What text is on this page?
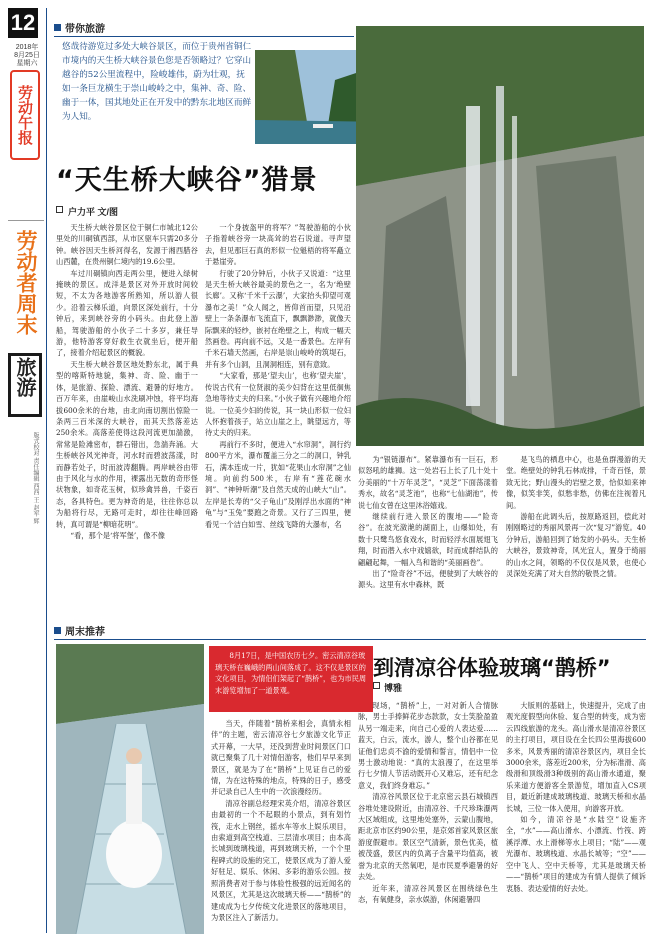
12
2018年
8月25日
星期六
劳动午报
劳动者周末
旅游
版式校对 责任编辑 西西 王 赵军 辉
带你旅游
悠哉待游览过多处大峡谷景区，而位于贵州省铜仁市境内的天生桥大峡谷景色您是否领略过？它穿山越谷的52公里流程中，险峻雄伟，蔚为壮观，抚如一条巨龙横生于崇山峻岭之中，集神、奇、险、幽于一体，国其地处正在开发中的黔东北地区而鲜为人知。
“天生桥大峡谷”猎景
户力平 文/图

天生桥大峡谷景区位于铜仁市城北12公里处的川硐镇西部，从市区驱车只需20多分钟。峡谷因天生桥河得名，发源于湘西腊谷山西麓，在贵州铜仁境内的19.6公里。

车过川硐镇向西走两公里，便进入绿树掩映的景区。成洋是景区对外开放时间较短，不太为各地游客所熟知，所以游人很少。沿着云梯乐道，向景区深处前行，十分钟后，来到峡谷旁的小码头。由此登上游船，驾驶游船的小伙子二十多岁，兼任导游，他特游客穿好救生衣就坐后，便开船了，接着介绍起景区的概貌。

天生桥大峡谷景区地处黔东北，属于典型的喀斯特地貌，集神、奇、险、幽于一体，是旅游、探险、漂流、避暑的好地方。百万年来，由崖峻山水洗刷冲蚀，将平均海拔600余米的台地，由北向南切割出惊险一条两三百米深的大峡谷，而其天然落差达250余米。高落差使得这段河流更加湍激，常常是险滩密布，群石错出，急湍奔涌。大生桥峡谷风光神奇，河水时而碧波荡漾，时而静若处子，时而波涛翻腾。两岸峡谷由带由于风化与水的作用，裸露出无数的奇形怪状物象，如奇花玉树，似珍禽异兽，千姿百态，各具特色。更为神奇的是，往往你总以为船将行尽，无路可走时，却往往峰回路转，真可谓是“柳暗花明”。

“看，那个是‘将军堡’，像不像

一个身披盔甲的将军？”驾驶游船的小伙子指着峡谷旁一块高耸的岩石说道。寻声望去，但见那巨石真的形似一位魁梧的将军矗立于悬崖旁。

行驶了20分钟后，小伙子又说道：“这里是天生桥大峡谷最美的景色之一，名为‘绝壁长廊’。又称‘千米千云瀑’，大家抬头仰望可观瀑布之美！”众人闻之，皆仰首而望，只见沿壁上一条条瀑布飞流直下，飘飘渺渺，就像天际飘来的轻纱，嵌衬在绝壁之上，构成一幅天然画卷。再向前不远，又是一番景色。左岸有千米石墙天然画，右岸是崇山峻岭的筑堤石，并有多个山洞，且洞洞相连，别有意致。

“大家看，那是‘望夫山’，也称‘望夫崖’，传说古代有一位贤淑的美少妇背在这里低徊焦急地等待丈夫的归来。”小伙子做有兴趣地介绍说。一位美少妇的传说，其一块山形似一位妇人怀抱着孩子，站立山崖之上，眺望远方，等待丈夫的归来。

再前行不多时，便进入“水帘洞”，洞行约800平方米，瀑布覆盖三分之二的洞口，钟乳石，满本连成一片，犹如“花果山水帘洞”之仙境。向前约500米，右岸有“莲花碗水洞”、“神钟听潮”及自然天成的山峡大“山”。左岸是长寿的“父子龟山”及刚浮出水面的“神龟”与“玉兔”要跑之奇景。又行了三四里，便看见一个洁白如雪、丝线飞降的大瀑布，名

为“银链瀑布”。紧靠瀑布有一巨石，形似怒吼的雄狮。这一处岩石上长了几十处十分美丽的“十万年灵芝”，“灵芝”下面荡漾着秀水，故名“灵芝池”，也称“七仙湖池”，传说七仙女曾在这里沐浴嬉戏。

继续前行进入景区的腹地——“险奇谷”。在波光潋滟的湖面上，山爆如处，有数十只鹭鸟悠食戏水，时而轻浮水面展翅飞翔，时而潜入水中戏嬉欲，时而成群结队的翩翩起舞，一幅入鸟和谐的“美丽画卷”。

出了“险奇谷”不远，便驶到了大峡谷的源头。这里有水中森林，既

是飞鸟的栖息中心，也是鱼群漫游的天堂。绝壁处的钟乳石林成排，千奇百怪，景致无比；野山漫头的岩壁之景，恰似如来神像，似笑非笑，似愁非愁，仿佛在注视着凡间。

游船在此调头后，按原路返回，偿此对刚刚略过的秀丽风景再一次“复习”游览。40分钟后，游船回到了始发的小码头。天生桥大峡谷，景致神奇，风光宜人，置身于绮丽的山水之间，领略的不仅仅是风景，也使心灵深处充满了对大自然的敬畏之情。

周末推荐
8月17日，是中国农历七夕。密云清凉谷玻璃天桥在巍峨的两山间落成了。这不仅是景区的文化项目，为情侣们架起了“鹊桥”，也为市民周末游览增加了一道景观。
到清凉谷体验玻璃“鹊桥”
博雅

当天，伴随着“鹊桥来相会，真情永相伴”的主题，密云清凉谷七夕旅游文化节正式开幕，一大早，还没到营业时间景区门口就已聚集了几十对情侣游客，他们早早来到景区，就是为了在“鹊桥”上见证自己的爱情，为在这特殊的地点，特殊的日子，感受并记录自己人生中的一次浪漫经历。

清凉谷副总经理宋英介绍，清凉谷景区由最初的一个不起眼的小景点，到有划竹筏，走水上钢丝，摇水车等水上娱乐项目，由索道到高空栈道、三层清水项目；由本高长城到玻璃栈道，再到玻璃天桥，一个个里程碑式的设施的完工，使景区成为了游人爱好驻足、娱乐、休闲、多彩的游乐公园。按照消费者对于参与体验性极强的远近闻名的风景区，尤其是这次玻璃天桥——“鹊桥”的建成成为七夕传统文化进景区的落地项目，为景区注入了新活力。

现场，“鹊桥”上，一对对新人合情脉脉，男士手捧鲜花步态款款，女士笑脸盈盈从另一端走来，向自己心爱的人表达爱……蓝天，白云，流水，游人，整个山谷都在见证他们忠贞不渝的爱情和誓言，情侣中一位男士激动地说：“真的太浪漫了，在这里举行七夕情人节活动既开心又难忘，还有纪念意义，我们终身难忘。”

清凉谷风景区位于北京密云县石城镇西谷堆处建设附近，由清凉谷、千尺珍珠瀑两大区域组成，这里地处塞外，云蒙山腹地，距北京市区约90公里，是京郊首家风景区旅游度假避市。景区空气清新，景色优美，植被茂盛，景区内的负离子含量平均值高，被誉为北京的天然氧吧，是市民夏季避暑的好去处。

近年来，清凉谷风景区在围绕绿色生态，有氧健身，亲水娱游，休闲避暑四

大版则的基础上，快速提升，完成了由观光度假型向休验、复合型的转变，成为密云四线旅游的龙头。高山滑水是清凉谷景区的主打项目，项目设在全长四公里海拔600多米，风景秀丽的清凉谷景区内，项目全长3000余米，落差近200米，分为标准滑、高级滑和顶级滑3种级别的高山滑水通道，聚乐来道方便游客全景游览，增加直入CS项目，最近新建成玻璃栈道、玻璃天桥和水晶长城，三位一体入使用，向游客开放。

如今，清凉谷是“水陆空”设施齐全，“水”——高山滑水、小漂流、竹筏、跨溪浮潭、水上滑梯等水上项目；“陆”——观光瀑布、玻璃栈道、水晶长城等；“空”——空中飞人、空中天桥等，尤其是玻璃天桥——“鹊桥”项目的建成为有情人提供了倾诉衷肠、表达爱情的好去处。
